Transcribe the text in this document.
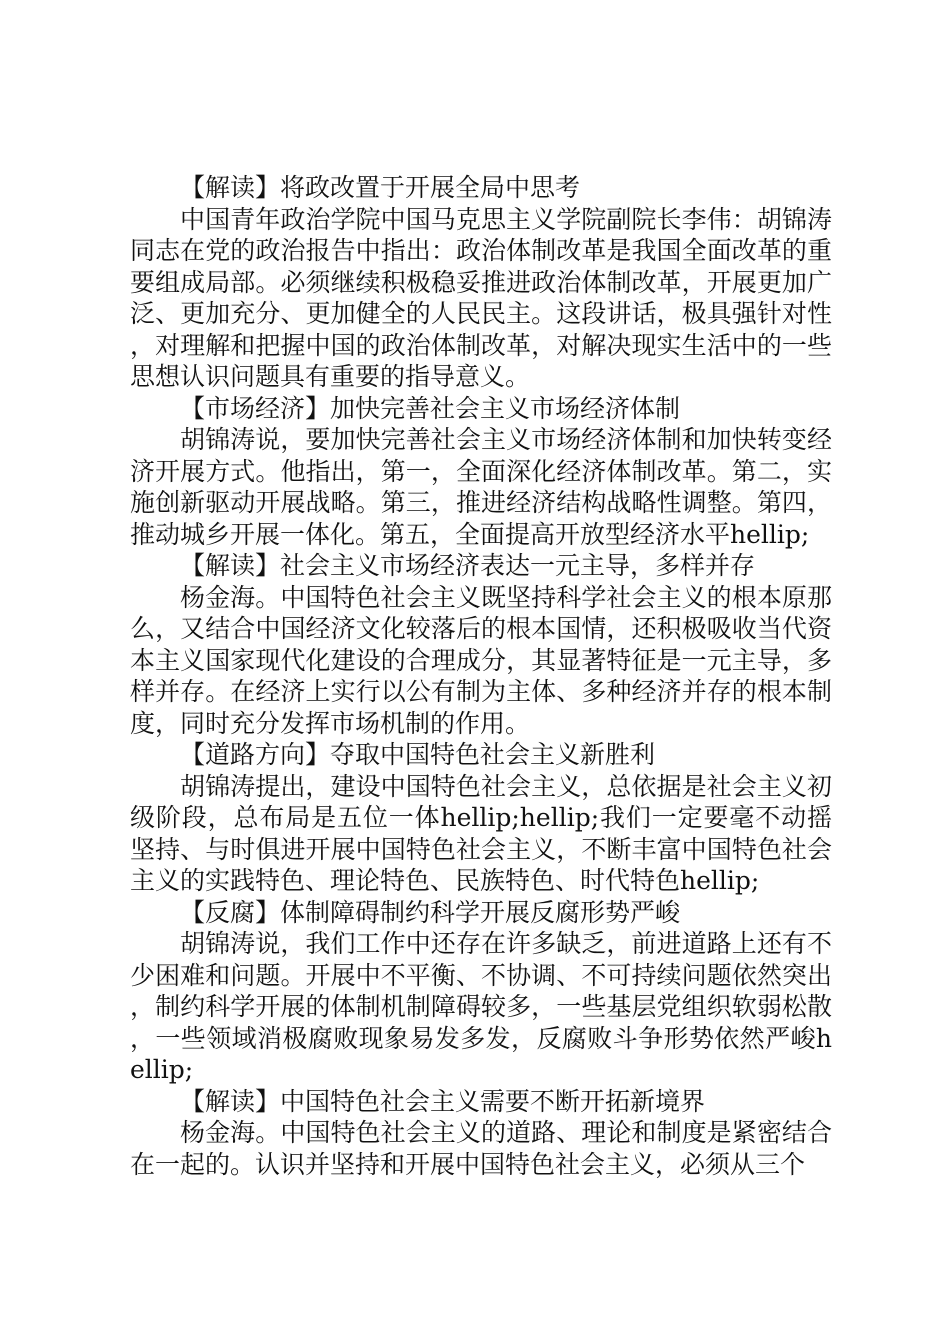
【解读】将政改置于开展全局中思考

中国青年政治学院中国马克思主义学院副院长李伟：胡锦涛同志在党的政治报告中指出：政治体制改革是我国全面改革的重要组成局部。必须继续积极稳妥推进政治体制改革，开展更加广泛、更加充分、更加健全的人民民主。这段讲话，极具强针对性，对理解和把握中国的政治体制改革，对解决现实生活中的一些思想认识问题具有重要的指导意义。

【市场经济】加快完善社会主义市场经济体制

胡锦涛说，要加快完善社会主义市场经济体制和加快转变经济开展方式。他指出，第一，全面深化经济体制改革。第二，实施创新驱动开展战略。第三，推进经济结构战略性调整。第四，推动城乡开展一体化。第五，全面提高开放型经济水平hellip;

【解读】社会主义市场经济表达一元主导，多样并存

杨金海。中国特色社会主义既坚持科学社会主义的根本原那么，又结合中国经济文化较落后的根本国情，还积极吸收当代资本主义国家现代化建设的合理成分，其显著特征是一元主导，多样并存。在经济上实行以公有制为主体、多种经济并存的根本制度，同时充分发挥市场机制的作用。

【道路方向】夺取中国特色社会主义新胜利

胡锦涛提出，建设中国特色社会主义，总依据是社会主义初级阶段，总布局是五位一体hellip;hellip;我们一定要毫不动摇坚持、与时俱进开展中国特色社会主义，不断丰富中国特色社会主义的实践特色、理论特色、民族特色、时代特色hellip;

【反腐】体制障碍制约科学开展反腐形势严峻

胡锦涛说，我们工作中还存在许多缺乏，前进道路上还有不少困难和问题。开展中不平衡、不协调、不可持续问题依然突出，制约科学开展的体制机制障碍较多，一些基层党组织软弱松散，一些领域消极腐败现象易发多发，反腐败斗争形势依然严峻hellip;

【解读】中国特色社会主义需要不断开拓新境界

杨金海。中国特色社会主义的道路、理论和制度是紧密结合在一起的。认识并坚持和开展中国特色社会主义，必须从三个
